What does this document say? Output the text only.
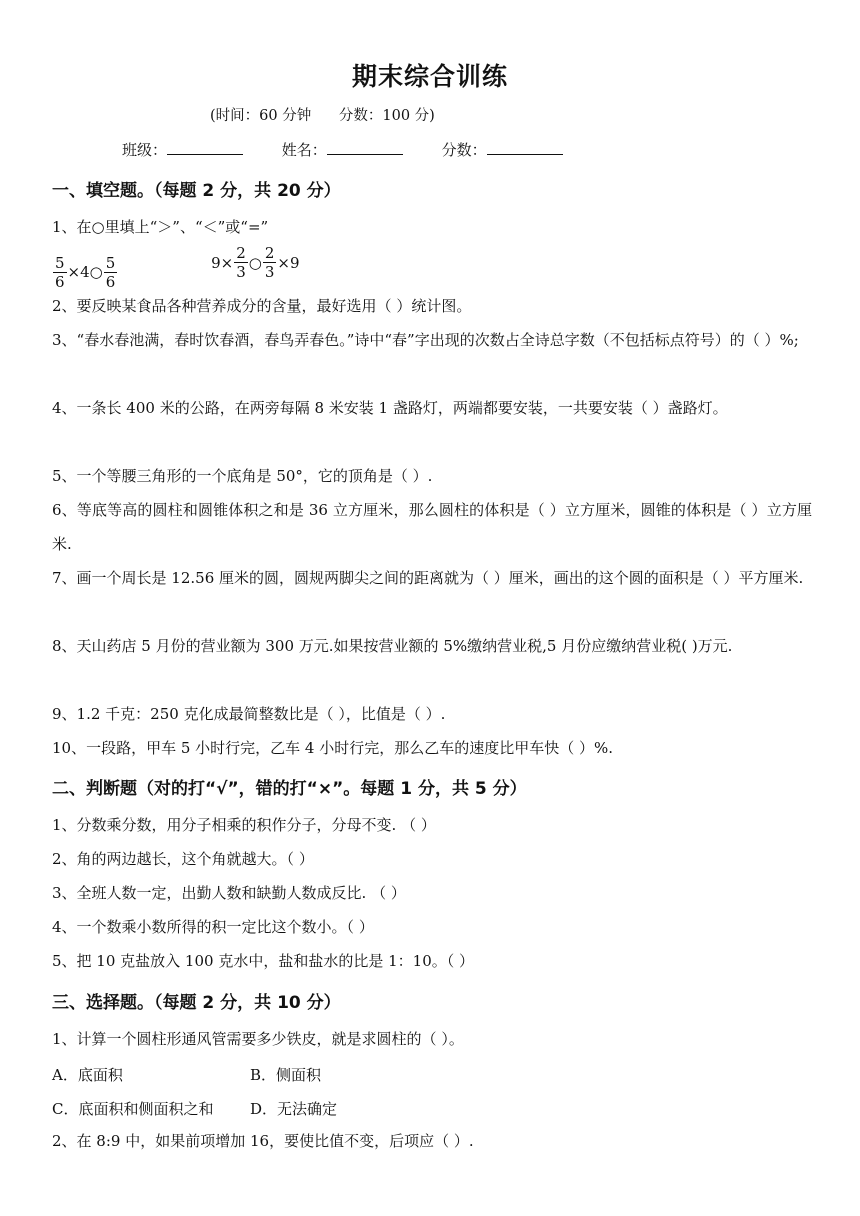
期末综合训练
(时间：60 分钟      分数：100 分)
班级：	姓名：	分数：
一、填空题。（每题 2 分，共 20 分）
1、在○里填上“＞”、“＜”或“=”
$\frac{5}{6}$ ×4○ $\frac{5}{6}$
	$9\times \frac{2}{3}$ ○ $\frac{2}{3} \times 9$
2、要反映某食品各种营养成分的含量，最好选用（ ）统计图。
3、“春水春池满，春时饮春酒，春鸟弄春色。”诗中“春”字出现的次数占全诗总字数（不包括标点符号）的（ ）%;
4、一条长 400 米的公路，在两旁每隔 8 米安装 1 盏路灯，两端都要安装，一共要安装（ ）盏路灯。
5、一个等腰三角形的一个底角是 50°，它的顶角是（ ）.
6、等底等高的圆柱和圆锥体积之和是 36 立方厘米，那么圆柱的体积是（ ）立方厘米，圆锥的体积是（ ）立方厘米.
7、画一个周长是 12.56 厘米的圆，圆规两脚尖之间的距离就为（ ）厘米，画出的这个圆的面积是（ ）平方厘米.
8、天山药店 5 月份的营业额为 300 万元.如果按营业额的 5%缴纳营业税,5 月份应缴纳营业税( )万元.
9、1.2 千克：250 克化成最简整数比是（ ），比值是（ ）.
10、一段路，甲车 5 小时行完，乙车 4 小时行完，那么乙车的速度比甲车快（ ）%.
二、判断题（对的打“√”，错的打“×”。每题 1 分，共 5 分）
1、分数乘分数，用分子相乘的积作分子，分母不变. （ ）
2、角的两边越长，这个角就越大。（ ）
3、全班人数一定，出勤人数和缺勤人数成反比. （ ）
4、一个数乘小数所得的积一定比这个数小。（ ）
5、把 10 克盐放入 100 克水中，盐和盐水的比是 1：10。（ ）
三、选择题。（每题 2 分，共 10 分）
1、计算一个圆柱形通风管需要多少铁皮，就是求圆柱的（ ）。
A．底面积	B．侧面积
C．底面积和侧面积之和 D．无法确定
2、在 8:9 中，如果前项增加 16，要使比值不变，后项应（ ）.
